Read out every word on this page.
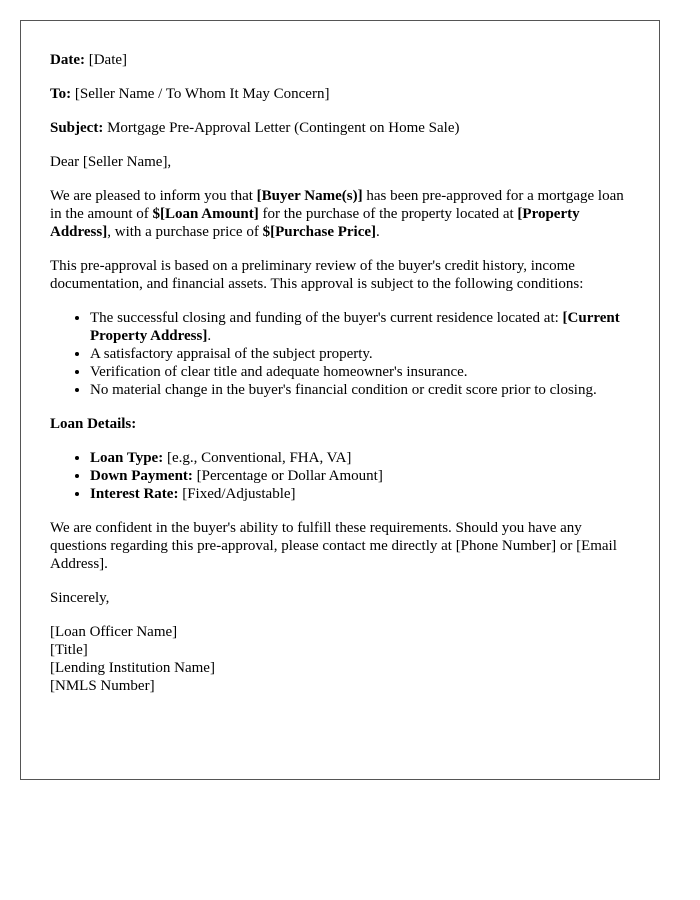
Date: [Date]

To: [Seller Name / To Whom It May Concern]

Subject: Mortgage Pre-Approval Letter (Contingent on Home Sale)

Dear [Seller Name],

We are pleased to inform you that [Buyer Name(s)] has been pre-approved for a mortgage loan in the amount of $[Loan Amount] for the purchase of the property located at [Property Address], with a purchase price of $[Purchase Price].

This pre-approval is based on a preliminary review of the buyer's credit history, income documentation, and financial assets. This approval is subject to the following conditions:

• The successful closing and funding of the buyer's current residence located at: [Current Property Address].
• A satisfactory appraisal of the subject property.
• Verification of clear title and adequate homeowner's insurance.
• No material change in the buyer's financial condition or credit score prior to closing.

Loan Details:

• Loan Type: [e.g., Conventional, FHA, VA]
• Down Payment: [Percentage or Dollar Amount]
• Interest Rate: [Fixed/Adjustable]

We are confident in the buyer's ability to fulfill these requirements. Should you have any questions regarding this pre-approval, please contact me directly at [Phone Number] or [Email Address].

Sincerely,

[Loan Officer Name]
[Title]
[Lending Institution Name]
[NMLS Number]
